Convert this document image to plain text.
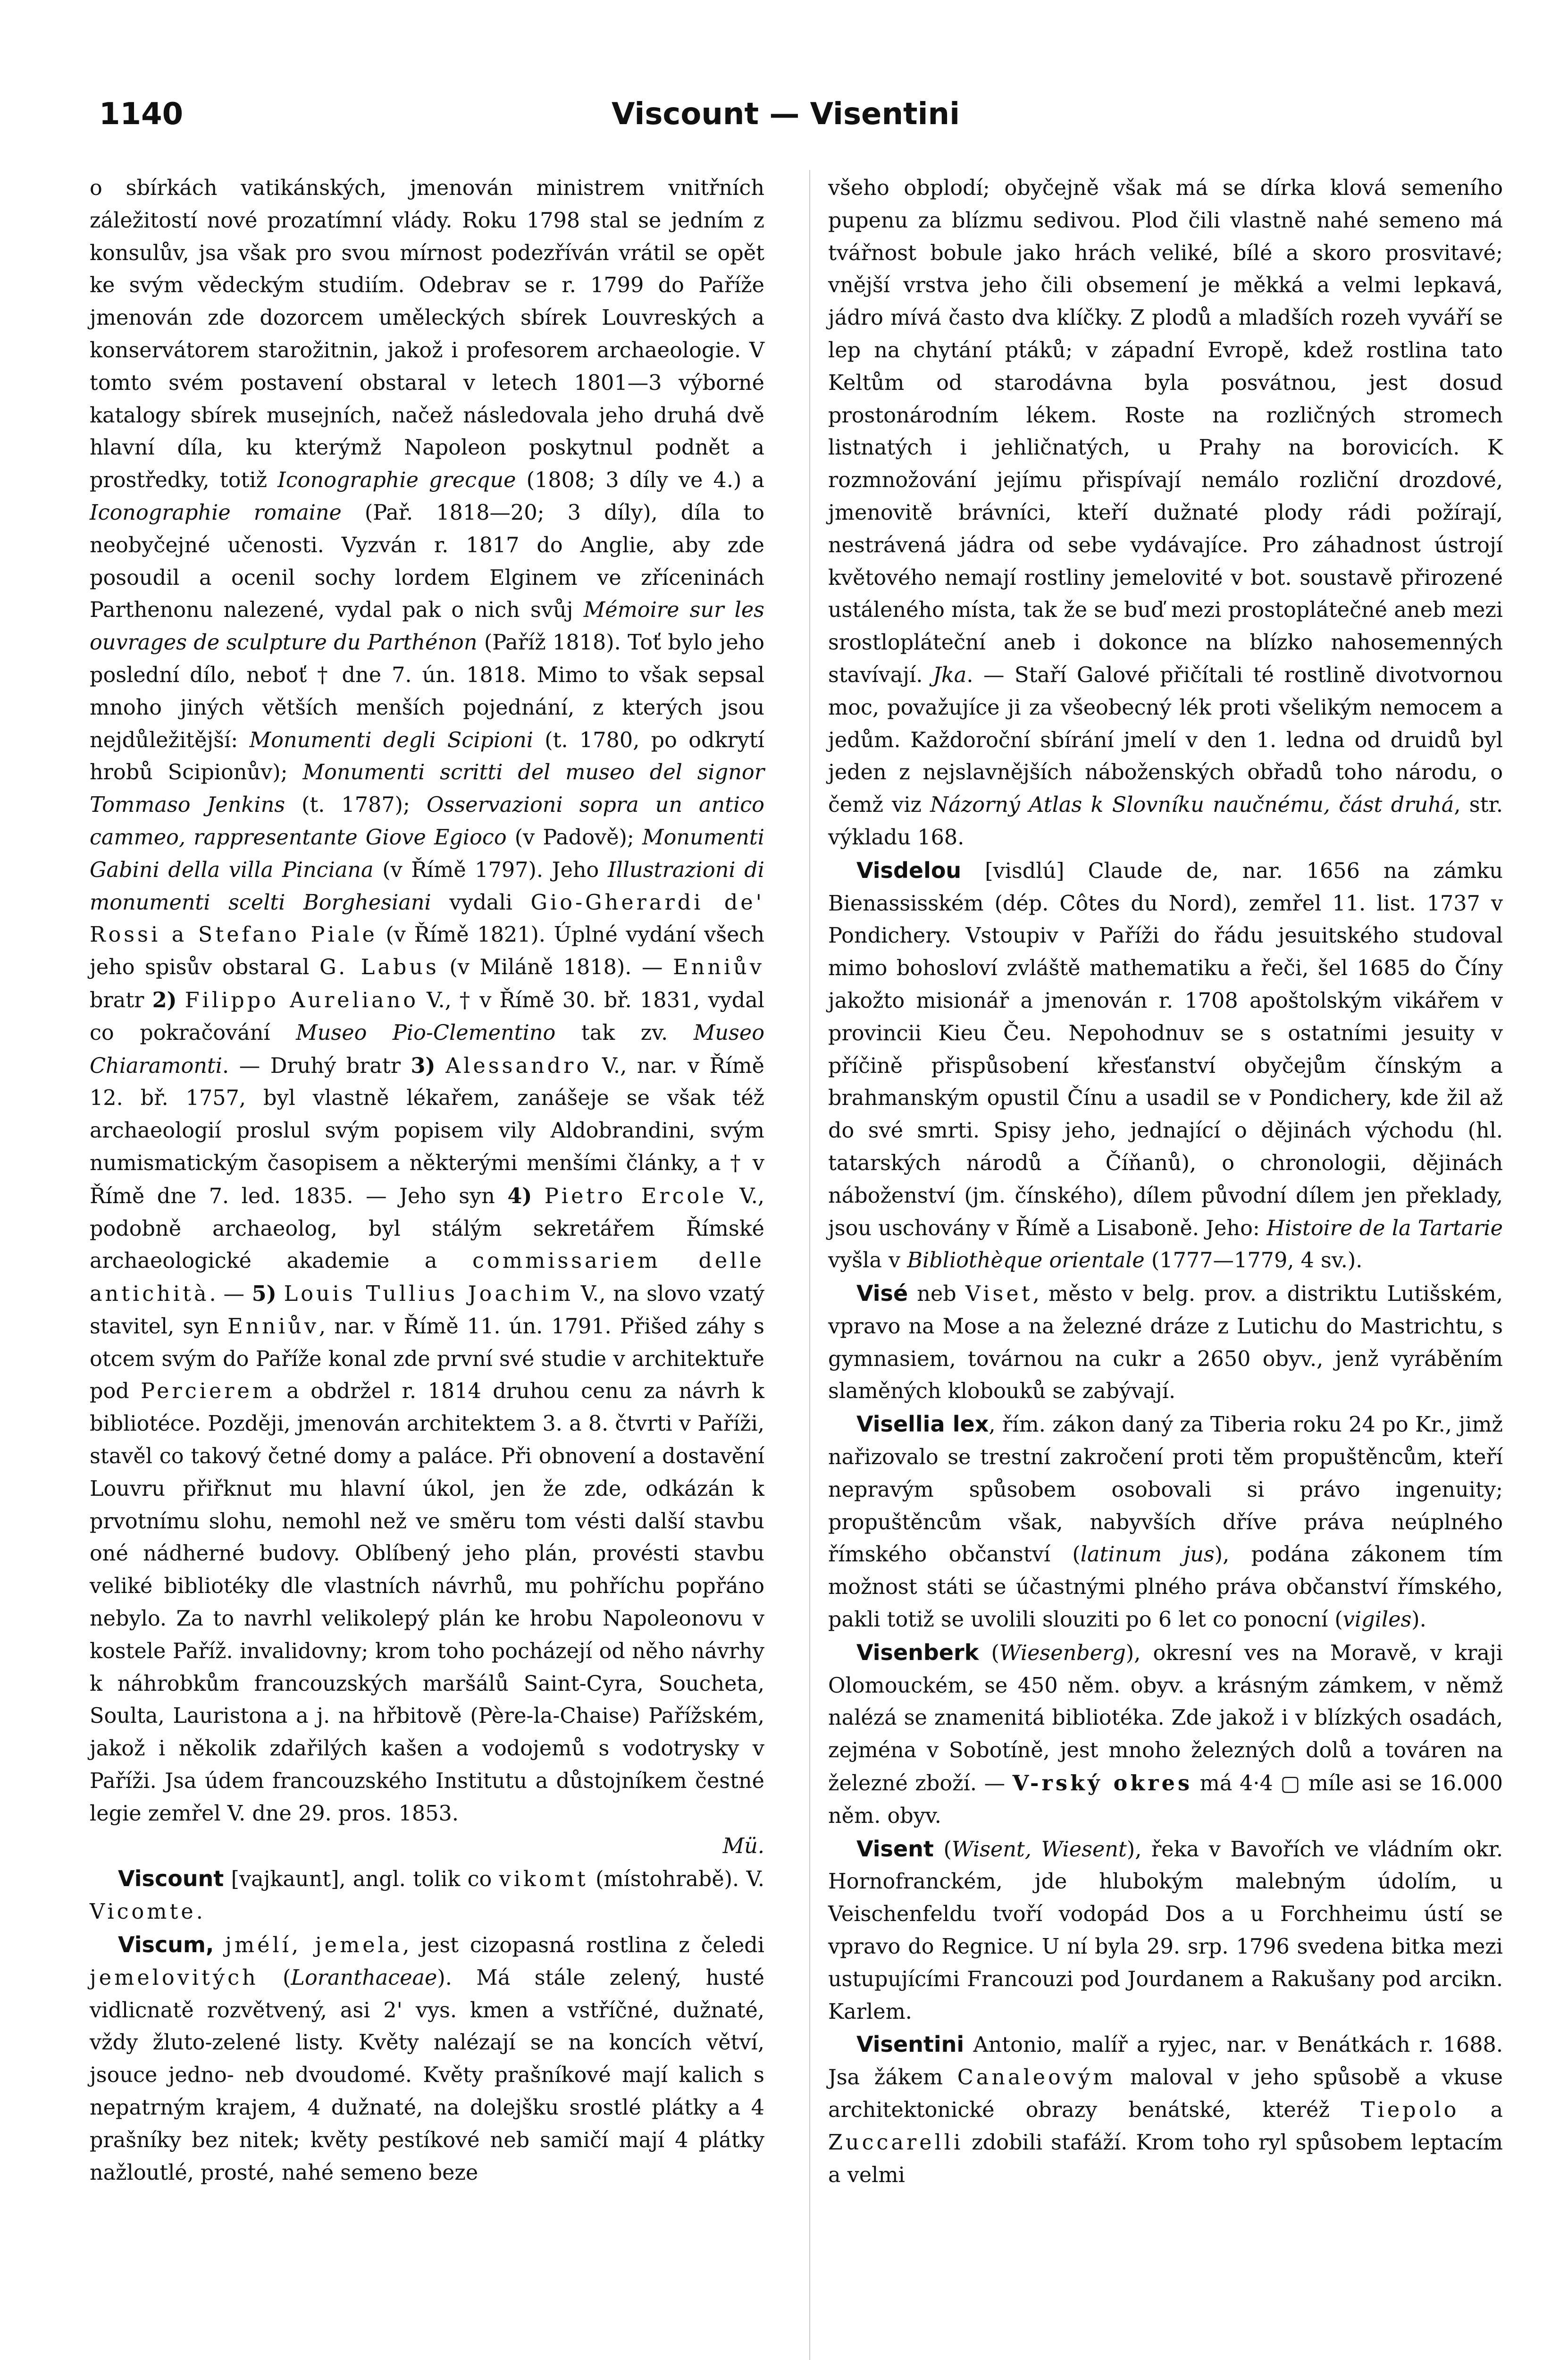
1140	Viscount — Visentini

o sbírkách vatikánských, jmenován ministrem vnitřních záležitostí nové prozatímní vlády. Roku 1798 stal se jedním z konsulův, jsa však pro svou mírnost podezříván vrátil se opět ke svým vědeckým studiím. Odebrav se r. 1799 do Paříže jmenován zde dozorcem uměleckých sbírek Louvreských a konservátorem starožitnin, jakož i profesorem archaeologie. V tomto svém postavení obstaral v letech 1801—3 výborné katalogy sbírek musejních, načež následovala jeho druhá dvě hlavní díla, ku kterýmž Napoleon poskytnul podnět a prostředky, totiž Iconographie grecque (1808; 3 díly ve 4.) a Iconographie romaine (Pař. 1818—20; 3 díly), díla to neobyčejné učenosti. Vyzván r. 1817 do Anglie, aby zde posoudil a ocenil sochy lordem Elginem ve zříceninách Parthenonu nalezené, vydal pak o nich svůj Mémoire sur les ouvrages de sculpture du Parthénon (Paříž 1818). Toť bylo jeho poslední dílo, neboť † dne 7. ún. 1818. Mimo to však sepsal mnoho jiných větších menších pojednání, z kterých jsou nejdůležitější: Monumenti degli Scipioni (t. 1780, po odkrytí hrobů Scipionův); Monumenti scritti del museo del signor Tommaso Jenkins (t. 1787); Osservazioni sopra un antico cammeo, rappresentante Giove Egioco (v Padově); Monumenti Gabini della villa Pinciana (v Římě 1797). Jeho Illustrazioni di monumenti scelti Borghesiani vydali Gio-Gherardi de' Rossi a Stefano Piale (v Římě 1821). Úplné vydání všech jeho spisův obstaral G. Labus (v Miláně 1818). — Enniův bratr 2) Filippo Aureliano V., † v Římě 30. bř. 1831, vydal co pokračování Museo Pio-Clementino tak zv. Museo Chiaramonti. — Druhý bratr 3) Alessandro V., nar. v Římě 12. bř. 1757, byl vlastně lékařem, zanášeje se však též archaeologií proslul svým popisem vily Aldobrandini, svým numismatickým časopisem a některými menšími články, a † v Římě dne 7. led. 1835. — Jeho syn 4) Pietro Ercole V., podobně archaeolog, byl stálým sekretářem Římské archaeologické akademie a commissariem delle antichità. — 5) Louis Tullius Joachim V., na slovo vzatý stavitel, syn Enniův, nar. v Římě 11. ún. 1791. Přišed záhy s otcem svým do Paříže konal zde první své studie v architektuře pod Percierem a obdržel r. 1814 druhou cenu za návrh k bibliotéce. Později, jmenován architektem 3. a 8. čtvrti v Paříži, stavěl co takový četné domy a paláce. Při obnovení a dostavění Louvru přiřknut mu hlavní úkol, jen že zde, odkázán k prvotnímu slohu, nemohl než ve směru tom vésti další stavbu oné nádherné budovy. Oblíbený jeho plán, provésti stavbu veliké bibliotéky dle vlastních návrhů, mu pohříchu popřáno nebylo. Za to navrhl velikolepý plán ke hrobu Napoleonovu v kostele Paříž. invalidovny; krom toho pocházejí od něho návrhy k náhrobkům francouzských maršálů Saint-Cyra, Soucheta, Soulta, Lauristona a j. na hřbitově (Père-la-Chaise) Pařížském, jakož i několik zdařilých kašen a vodojemů s vodotrysky v Paříži. Jsa údem francouzského Institutu a důstojníkem čestné legie zemřel V. dne 29. pros. 1853.
Mü.

Viscount [vajkaunt], angl. tolik co vikomt (místohrabě). V. Vicomte.

Viscum, jmélí, jemela, jest cizopasná rostlina z čeledi jemelovitých (Loranthaceae). Má stále zelený, husté vidlicnatě rozvětvený, asi 2' vys. kmen a vstříčné, dužnaté, vždy žluto-zelené listy. Květy nalézají se na koncích větví, jsouce jedno- neb dvoudomé. Květy prašníkové mají kalich s nepatrným krajem, 4 dužnaté, na dolejšku srostlé plátky a 4 prašníky bez nitek; květy pestíkové neb samičí mají 4 plátky nažloutlé, prosté, nahé semeno beze

všeho obplodí; obyčejně však má se dírka klová semeního pupenu za blízmu sedivou. Plod čili vlastně nahé semeno má tvářnost bobule jako hrách veliké, bílé a skoro prosvitavé; vnější vrstva jeho čili obsemení je měkká a velmi lepkavá, jádro mívá často dva klíčky. Z plodů a mladších rozeh vyváří se lep na chytání ptáků; v západní Evropě, kdež rostlina tato Keltům od starodávna byla posvátnou, jest dosud prostonárodním lékem. Roste na rozličných stromech listnatých i jehličnatých, u Prahy na borovicích. K rozmnožování jejímu přispívají nemálo rozliční drozdové, jmenovitě brávníci, kteří dužnaté plody rádi požírají, nestrávená jádra od sebe vydávajíce. Pro záhadnost ústrojí květového nemají rostliny jemelovité v bot. soustavě přirozené ustáleného místa, tak že se buď mezi prostoplátečné aneb mezi srostlopláteční aneb i dokonce na blízko nahosemenných stavívají. Jka. — Staří Galové přičítali té rostlině divotvornou moc, považujíce ji za všeobecný lék proti všelikým nemocem a jedům. Každoroční sbírání jmelí v den 1. ledna od druidů byl jeden z nejslavnějších náboženských obřadů toho národu, o čemž viz Názorný Atlas k Slovníku naučnému, část druhá, str. výkladu 168.

Visdelou [visdlú] Claude de, nar. 1656 na zámku Bienassisském (dép. Côtes du Nord), zemřel 11. list. 1737 v Pondichery. Vstoupiv v Paříži do řádu jesuitského studoval mimo bohosloví zvláště mathematiku a řeči, šel 1685 do Číny jakožto misionář a jmenován r. 1708 apoštolským vikářem v provincii Kieu Čeu. Nepohodnuv se s ostatními jesuity v příčině přispůsobení křesťanství obyčejům čínským a brahmanským opustil Čínu a usadil se v Pondichery, kde žil až do své smrti. Spisy jeho, jednající o dějinách východu (hl. tatarských národů a Číňanů), o chronologii, dějinách náboženství (jm. čínského), dílem původní dílem jen překlady, jsou uschovány v Římě a Lisaboně. Jeho: Histoire de la Tartarie vyšla v Bibliothèque orientale (1777—1779, 4 sv.).

Visé neb Viset, město v belg. prov. a distriktu Lutišském, vpravo na Mose a na železné dráze z Lutichu do Mastrichtu, s gymnasiem, továrnou na cukr a 2650 obyv., jenž vyráběním slaměných klobouků se zabývají.

Visellia lex, řím. zákon daný za Tiberia roku 24 po Kr., jimž nařizovalo se trestní zakročení proti těm propuštěncům, kteří nepravým spůsobem osobovali si právo ingenuity; propuštěncům však, nabyvších dříve práva neúplného římského občanství (latinum jus), podána zákonem tím možnost státi se účastnými plného práva občanství římského, pakli totiž se uvolili slouziti po 6 let co ponocní (vigiles).

Visenberk (Wiesenberg), okresní ves na Moravě, v kraji Olomouckém, se 450 něm. obyv. a krásným zámkem, v němž nalézá se znamenitá bibliotéka. Zde jakož i v blízkých osadách, zejména v Sobotíně, jest mnoho železných dolů a továren na železné zboží. — V-rský okres má 4·4 ▢ míle asi se 16.000 něm. obyv.

Visent (Wisent, Wiesent), řeka v Bavořích ve vládním okr. Hornofranckém, jde hlubokým malebným údolím, u Veischenfeldu tvoří vodopád Dos a u Forchheimu ústí se vpravo do Regnice. U ní byla 29. srp. 1796 svedena bitka mezi ustupujícími Francouzi pod Jourdanem a Rakušany pod arcikn. Karlem.

Visentini Antonio, malíř a ryjec, nar. v Benátkách r. 1688. Jsa žákem Canaleovým maloval v jeho spůsobě a vkuse architektonické obrazy benátské, kteréž Tiepolo a Zuccarelli zdobili stafáží. Krom toho ryl spůsobem leptacím a velmi
